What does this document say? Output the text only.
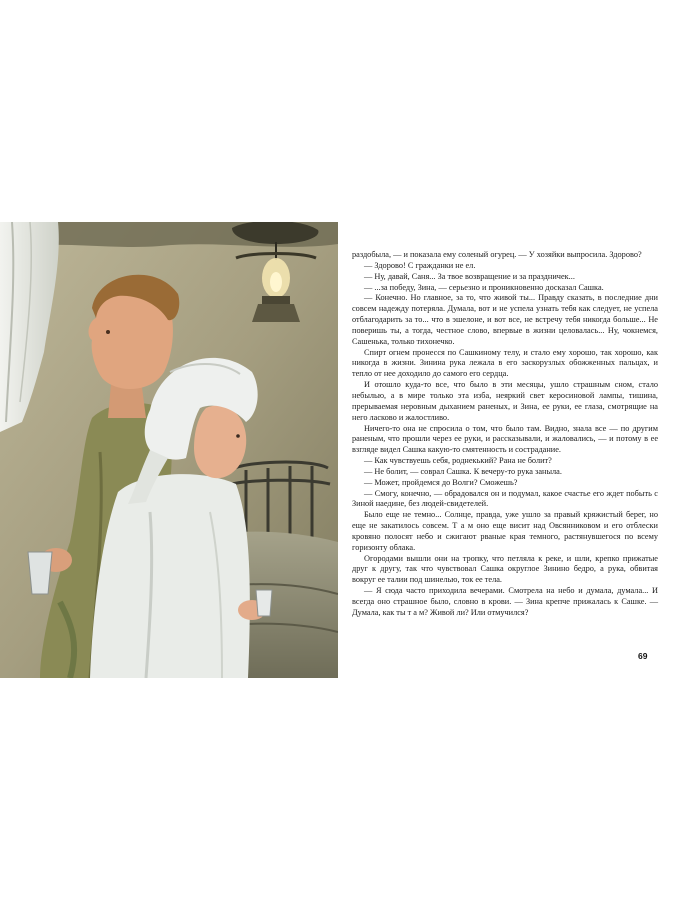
раздобыла, — и показала ему соленый огурец. — У хозяйки выпросила. Здорово?

— Здорово! С гражданки не ел.

— Ну, давай, Саня... За твое возвращение и за праздничек...

— ...за победу, Зина, — серьезно и проникновенно досказал Сашка.

— Конечно. Но главное, за то, что живой ты... Правду сказать, в последние дни совсем надежду потеряла. Думала, вот и не успела узнать тебя как следует, не успела отблагодарить за то... что в эшелоне, и вот все, не встречу тебя никогда больше... Не поверишь ты, а тогда, честное слово, впервые в жизни целовалась... Ну, чокнемся, Сашенька, только тихонечко.

Спирт огнем пронесся по Сашкиному телу, и стало ему хорошо, так хорошо, как никогда в жизни. Зинина рука лежала в его заскорузлых обожженных пальцах, и тепло от нее доходило до самого его сердца.

И отошло куда-то все, что было в эти месяцы, ушло страшным сном, стало небылью, а в мире только эта изба, неяркий свет керосиновой лампы, тишина, прерываемая неровным дыханием раненых, и Зина, ее руки, ее глаза, смотрящие на него ласково и жалостливо.

Ничего-то она не спросила о том, что было там. Видно, знала все — по другим раненым, что прошли через ее руки, и рассказывали, и жаловались, — и потому в ее взгляде видел Сашка какую-то смятенность и сострадание.

— Как чувствуешь себя, роднекький? Рана не болит?

— Не болит, — соврал Сашка. К вечеру-то рука заныла.

— Может, пройдемся до Волги? Сможешь?

— Смогу, конечно, — обрадовался он и подумал, какое счастье его ждет побыть с Зиной наедине, без людей-свидетелей.

Было еще не темно... Солнце, правда, уже ушло за правый кряжистый берег, но еще не закатилось совсем. Т а м оно еще висит над Овсянниковом и его отблески кровяно полосят небо и сжигают рваные края темного, растянувшегося по всему горизонту облака.

Огородами вышли они на тропку, что петляла к реке, и шли, крепко прижатые друг к другу, так что чувствовал Сашка округлое Зинино бедро, а рука, обвитая вокруг ее талии под шинелью, ток ее тела.

— Я сюда часто приходила вечерами. Смотрела на небо и думала, думала... И всегда оно страшное было, словно в крови. — Зина крепче прижалась к Сашке. — Думала, как ты т а м? Живой ли? Или отмучился?

69
